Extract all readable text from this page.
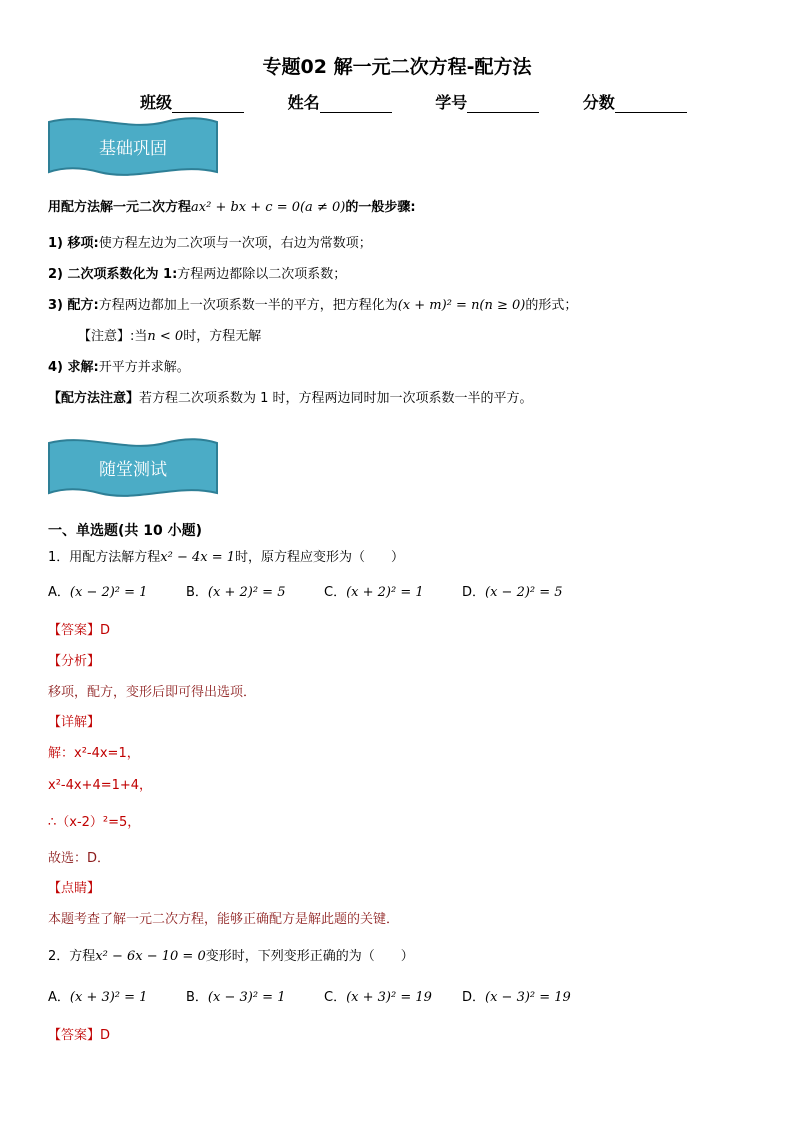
专题02 解一元二次方程-配方法
班级	姓名	学号	分数
基础巩固
用配方法解一元二次方程ax² + bx + c = 0(a ≠ 0)的一般步骤:
1) 移项:使方程左边为二次项与一次项，右边为常数项；
2) 二次项系数化为 1:方程两边都除以二次项系数；
3) 配方:方程两边都加上一次项系数一半的平方，把方程化为(x + m)² = n(n ≥ 0)的形式；
【注意】:当n < 0时，方程无解
4) 求解:开平方并求解。
【配方法注意】若方程二次项系数为 1 时，方程两边同时加一次项系数一半的平方。
随堂测试
一、单选题(共 10 小题)
1．用配方法解方程x² − 4x = 1时，原方程应变形为（　　）
A．(x − 2)² = 1	B．(x + 2)² = 5	C．(x + 2)² = 1	D．(x − 2)² = 5
【答案】D
【分析】
移项，配方，变形后即可得出选项．
【详解】
解：x²-4x=1，
x²-4x+4=1+4，
∴（x-2）²=5，
故选：D．
【点睛】
本题考查了解一元二次方程，能够正确配方是解此题的关键．
2．方程x² − 6x − 10 = 0变形时，下列变形正确的为（　　）
A．(x + 3)² = 1	B．(x − 3)² = 1	C．(x + 3)² = 19 D．(x − 3)² = 19
【答案】D
